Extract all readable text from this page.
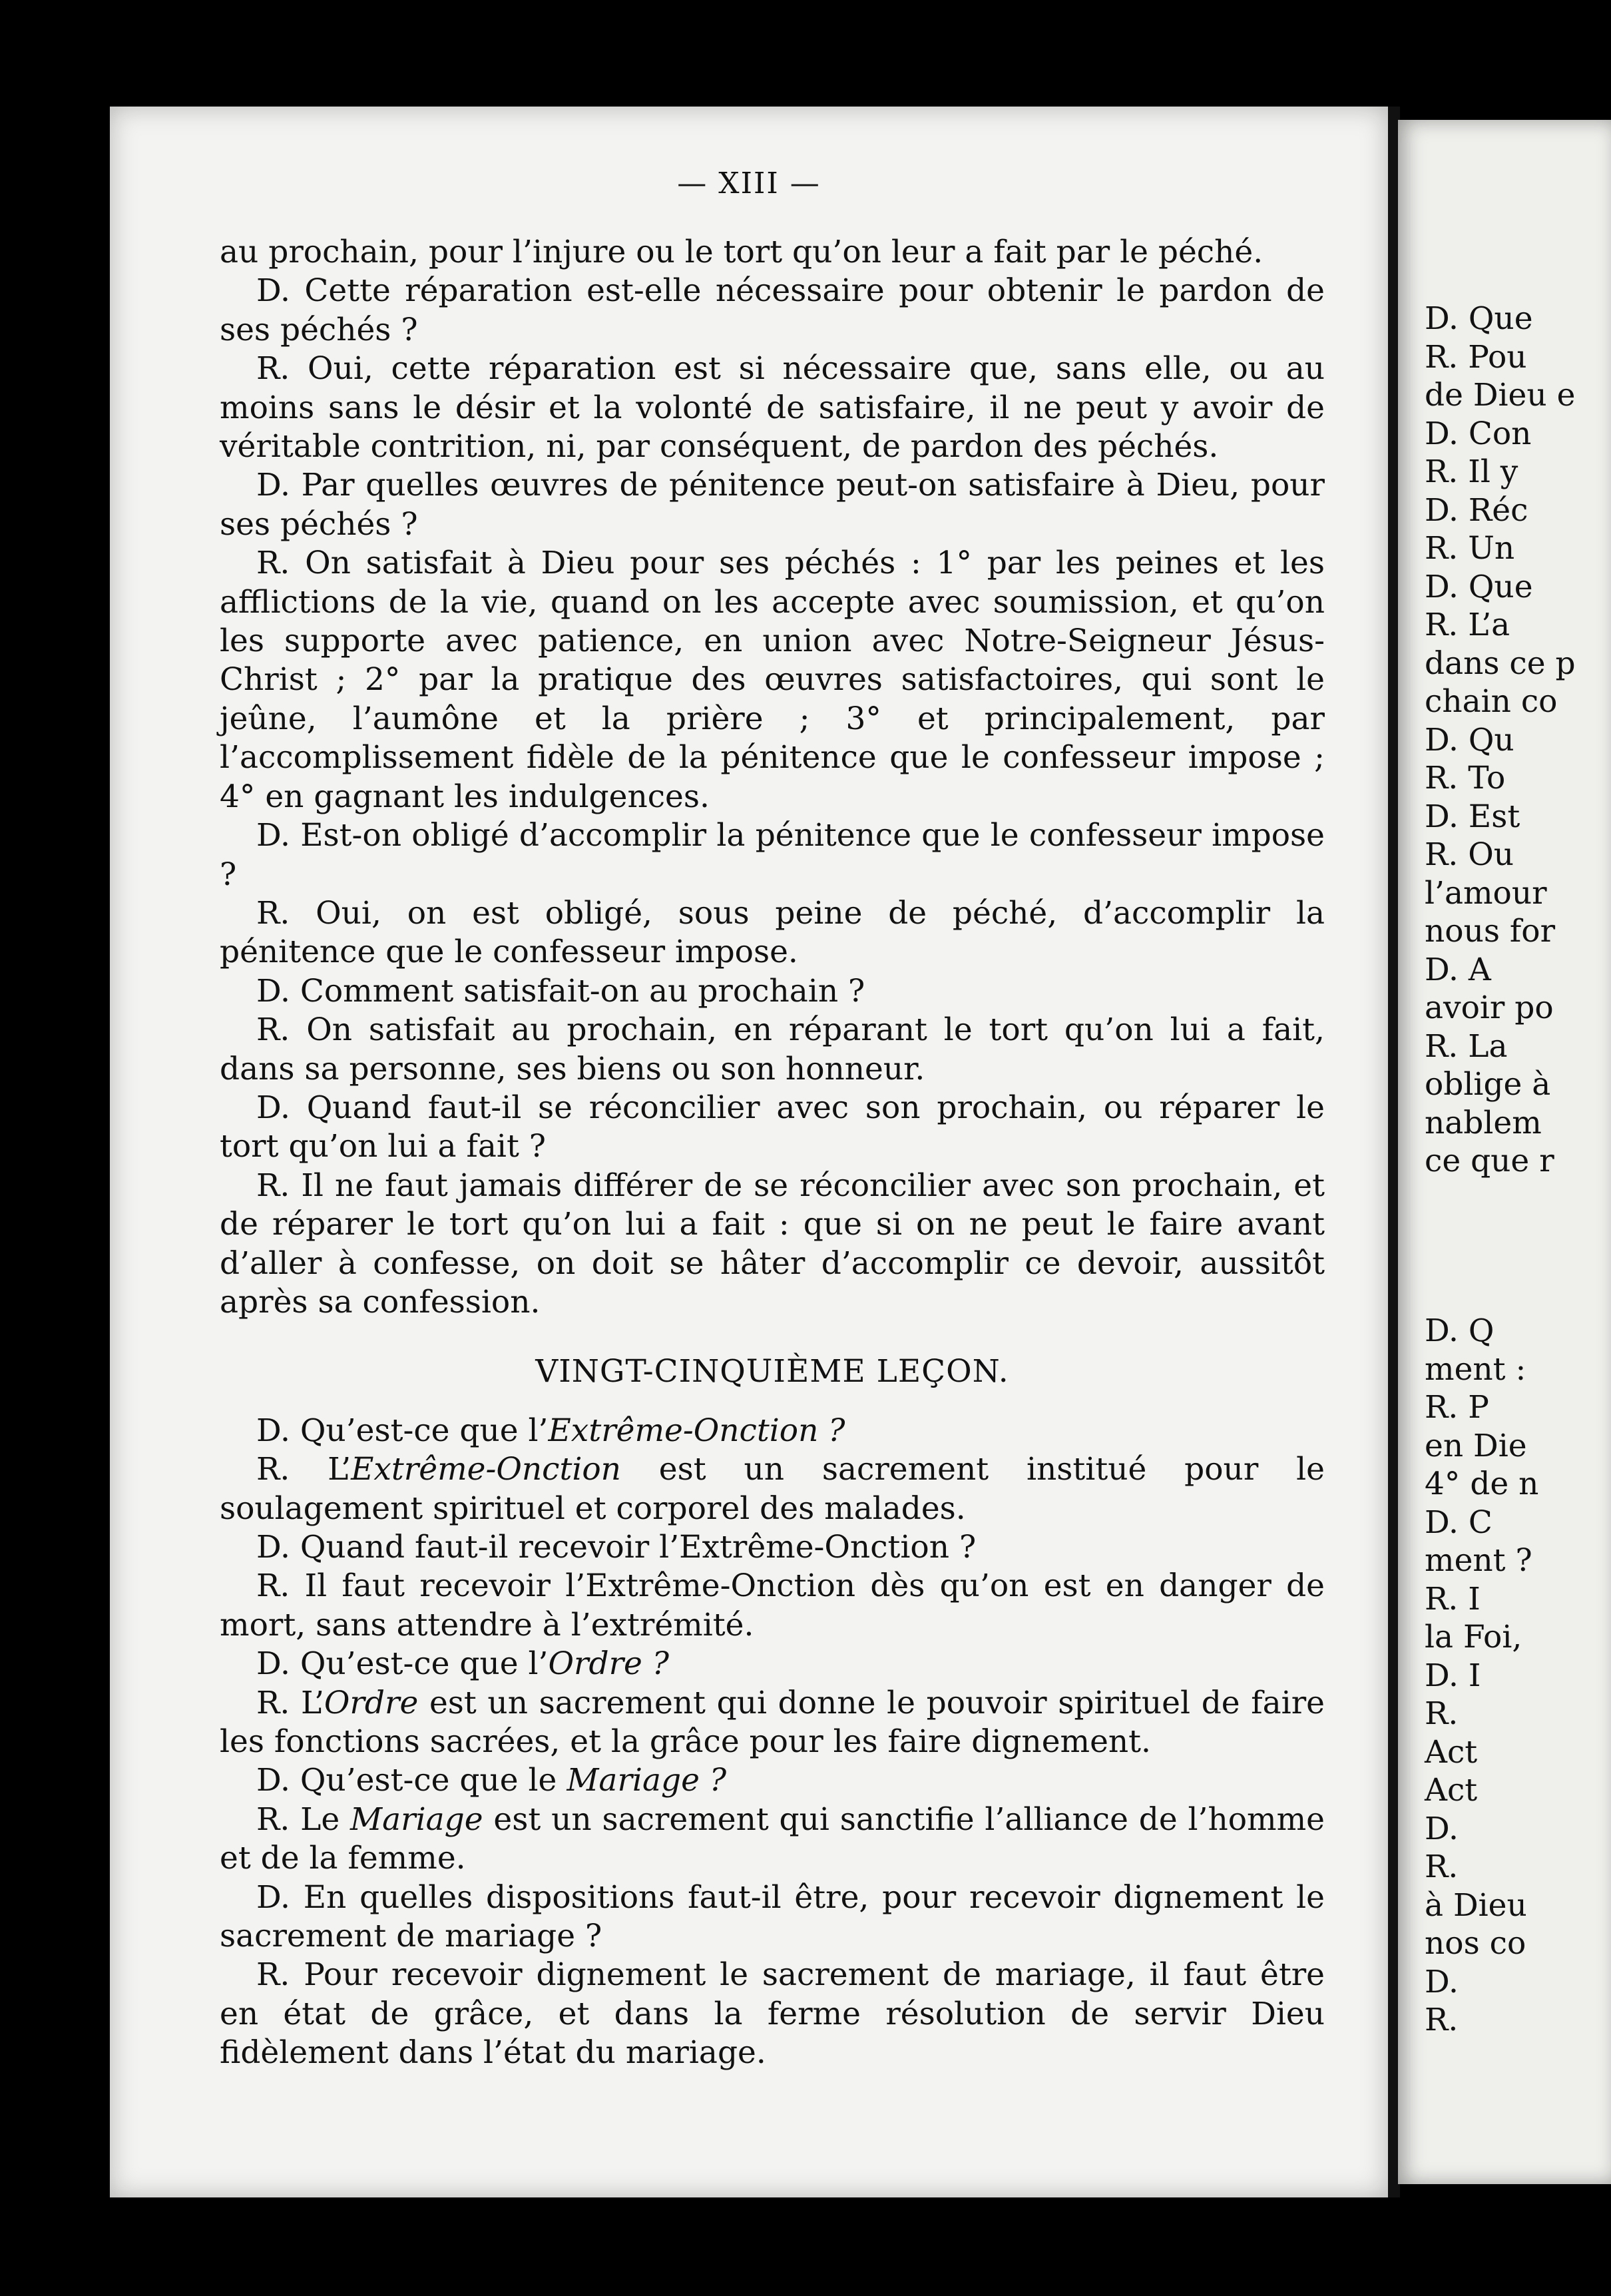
— XIII —

au prochain, pour l’injure ou le tort qu’on leur a fait par le péché.

D. Cette réparation est-elle nécessaire pour obtenir le pardon de ses péchés ?

R. Oui, cette réparation est si nécessaire que, sans elle, ou au moins sans le désir et la volonté de satisfaire, il ne peut y avoir de véritable contrition, ni, par conséquent, de pardon des péchés.

D. Par quelles œuvres de pénitence peut-on satisfaire à Dieu, pour ses péchés ?

R. On satisfait à Dieu pour ses péchés : 1° par les peines et les afflictions de la vie, quand on les accepte avec soumission, et qu’on les supporte avec patience, en union avec Notre-Seigneur Jésus-Christ ; 2° par la pratique des œuvres satisfactoires, qui sont le jeûne, l’aumône et la prière ; 3° et principalement, par l’accomplissement fidèle de la pénitence que le confesseur impose ; 4° en gagnant les indulgences.

D. Est-on obligé d’accomplir la pénitence que le confesseur impose ?

R. Oui, on est obligé, sous peine de péché, d’accomplir la pénitence que le confesseur impose.

D. Comment satisfait-on au prochain ?

R. On satisfait au prochain, en réparant le tort qu’on lui a fait, dans sa personne, ses biens ou son honneur.

D. Quand faut-il se réconcilier avec son prochain, ou réparer le tort qu’on lui a fait ?

R. Il ne faut jamais différer de se réconcilier avec son prochain, et de réparer le tort qu’on lui a fait : que si on ne peut le faire avant d’aller à confesse, on doit se hâter d’accomplir ce devoir, aussitôt après sa confession.

VINGT-CINQUIÈME LEÇON.

D. Qu’est-ce que l’Extrême-Onction ?

R. L’Extrême-Onction est un sacrement institué pour le soulagement spirituel et corporel des malades.

D. Quand faut-il recevoir l’Extrême-Onction ?

R. Il faut recevoir l’Extrême-Onction dès qu’on est en danger de mort, sans attendre à l’extrémité.

D. Qu’est-ce que l’Ordre ?

R. L’Ordre est un sacrement qui donne le pouvoir spirituel de faire les fonctions sacrées, et la grâce pour les faire dignement.

D. Qu’est-ce que le Mariage ?

R. Le Mariage est un sacrement qui sanctifie l’alliance de l’homme et de la femme.

D. En quelles dispositions faut-il être, pour recevoir dignement le sacrement de mariage ?

R. Pour recevoir dignement le sacrement de mariage, il faut être en état de grâce, et dans la ferme résolution de servir Dieu fidèlement dans l’état du mariage.

D. Que
R. Pou
de Dieu e
D. Con
R. Il y
D. Réc
R. Un
D. Que
R. L’a
dans ce p
chain co
D. Qu
R. To
D. Est
R. Ou
l’amour
nous for
D. A
avoir po
R. La
oblige à
nablem
ce que r
D. Q
ment :
R. P
en Die
4° de n
D. C
ment ?
R. I
la Foi,
D. I
R.
Act
Act
D.
R.
à Dieu
nos co
D.
R.
